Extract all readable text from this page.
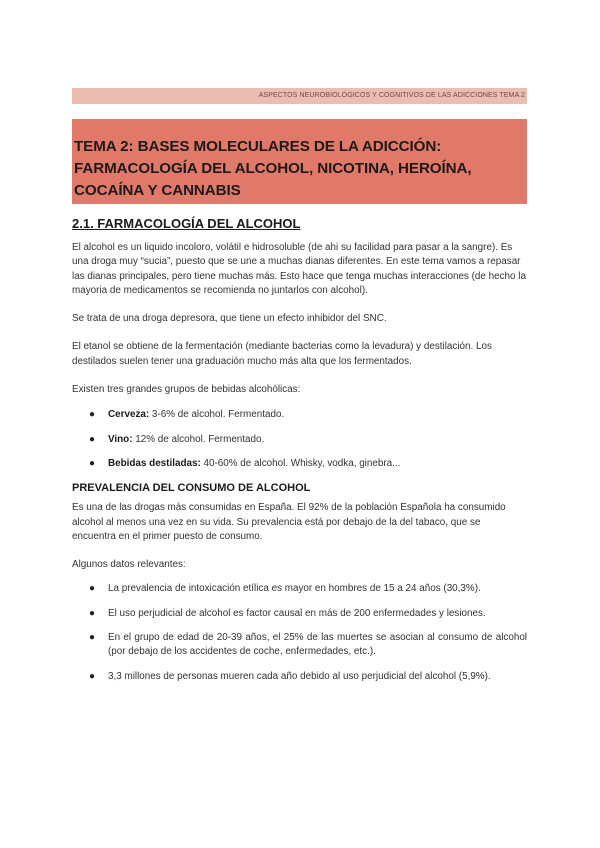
ASPECTOS NEUROBIOLÓGICOS Y COGNITIVOS DE LAS ADICCIONES TEMA 2
TEMA 2: BASES MOLECULARES DE LA ADICCIÓN: FARMACOLOGÍA DEL ALCOHOL, NICOTINA, HEROÍNA, COCAÍNA Y CANNABIS
2.1. FARMACOLOGÍA DEL ALCOHOL

El alcohol es un liquido incoloro, volátil e hidrosoluble (de ahi su facilidad para pasar a la sangre). Es una droga muy “sucia”, puesto que se une a muchas dianas diferentes. En este tema vamos a repasar las dianas principales, pero tiene muchas más. Esto hace que tenga muchas interacciones (de hecho la mayoria de medicamentos se recomienda no juntarlos con alcohol).

Se trata de una droga depresora, que tiene un efecto inhibidor del SNC.

El etanol se obtiene de la fermentación (mediante bacterias como la levadura) y destilación. Los destilados suelen tener una graduación mucho más alta que los fermentados.

Existen tres grandes grupos de bebidas alcohólicas:

● Cerveza: 3-6% de alcohol. Fermentado.
● Vino: 12% de alcohol. Fermentado.
● Bebidas destiladas: 40-60% de alcohol. Whisky, vodka, ginebra...
PREVALENCIA DEL CONSUMO DE ALCOHOL

Es una de las drogas más consumidas en España. El 92% de la población Española ha consumido alcohol al menos una vez en su vida. Su prevalencia está por debajo de la del tabaco, que se encuentra en el primer puesto de consumo.

Algunos datos relevantes:

● La prevalencia de intoxicación etílica es mayor en hombres de 15 a 24 años (30,3%).
● El uso perjudicial de alcohol es factor causal en más de 200 enfermedades y lesiones.
● En el grupo de edad de 20-39 años, el 25% de las muertes se asocian al consumo de alcohol (por debajo de los accidentes de coche, enfermedades, etc.).
● 3,3 millones de personas mueren cada año debido al uso perjudicial del alcohol (5,9%).
